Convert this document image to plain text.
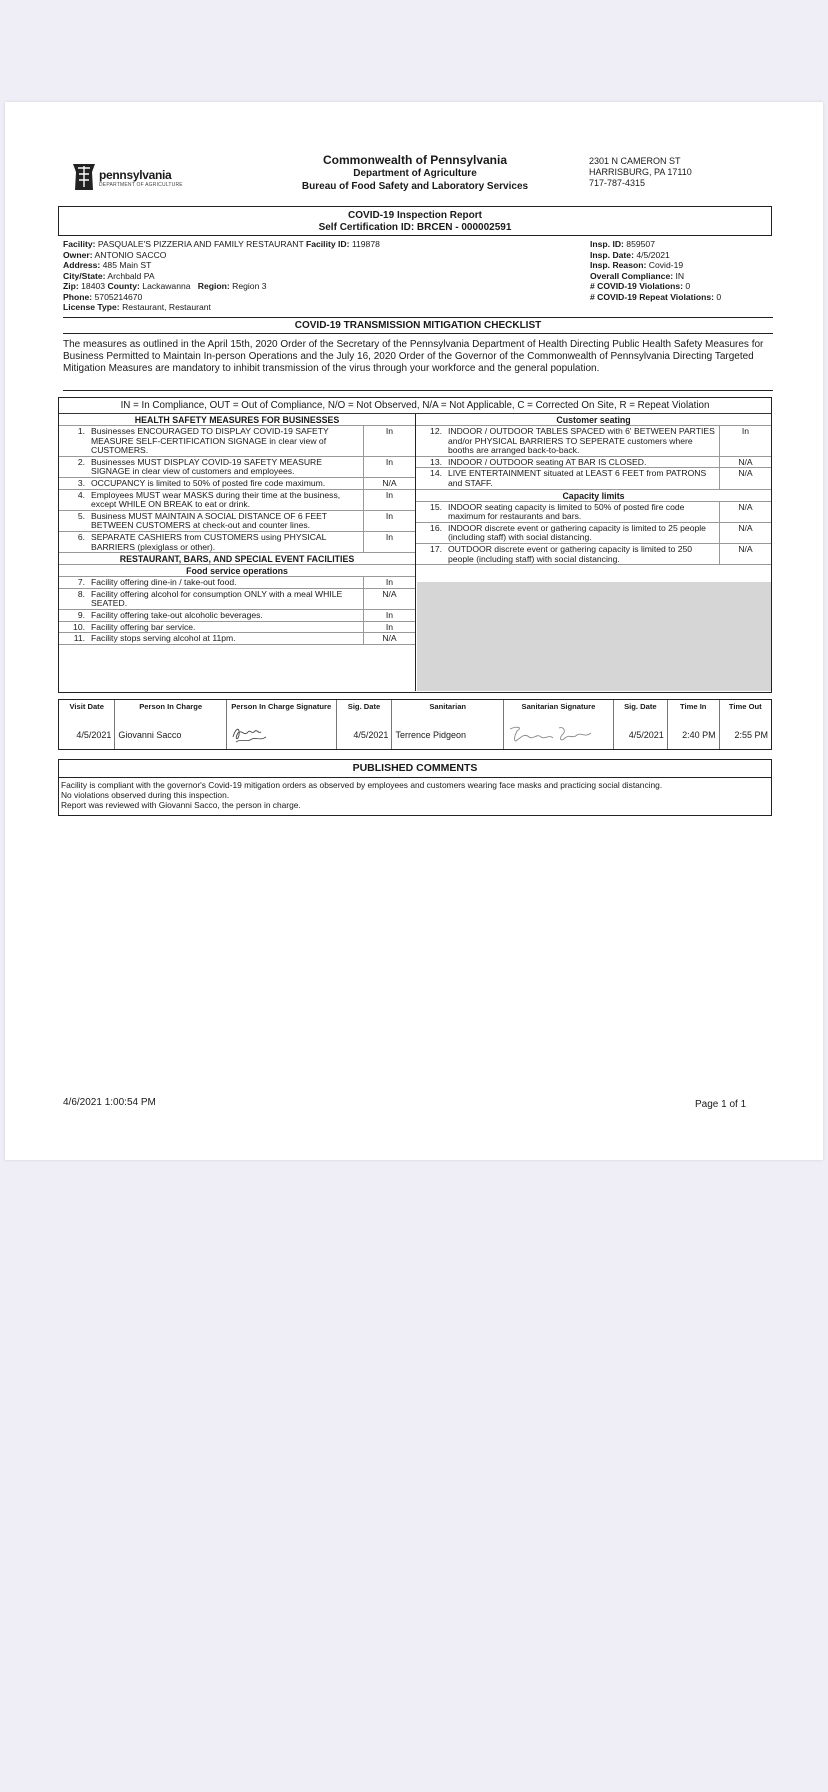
pennsylvania
DEPARTMENT OF AGRICULTURE
Commonwealth of Pennsylvania
Department of Agriculture
Bureau of Food Safety and Laboratory Services
2301 N CAMERON ST
HARRISBURG, PA 17110
717-787-4315
COVID-19 Inspection Report
Self Certification ID: BRCEN - 000002591
Facility: PASQUALE'S PIZZERIA AND FAMILY RESTAURANT Facility ID: 119878
Owner: ANTONIO SACCO
Address: 485 Main ST
City/State: Archbald PA
Zip: 18403 County: Lackawanna Region: Region 3
Phone: 5705214670
License Type: Restaurant, Restaurant
Insp. ID: 859507
Insp. Date: 4/5/2021
Insp. Reason: Covid-19
Overall Compliance: IN
# COVID-19 Violations: 0
# COVID-19 Repeat Violations: 0
COVID-19 TRANSMISSION MITIGATION CHECKLIST
The measures as outlined in the April 15th, 2020 Order of the Secretary of the Pennsylvania Department of Health Directing Public Health Safety Measures for Business Permitted to Maintain In-person Operations and the July 16, 2020 Order of the Governor of the Commonwealth of Pennsylvania Directing Targeted Mitigation Measures are mandatory to inhibit transmission of the virus through your workforce and the general population.
IN = In Compliance, OUT = Out of Compliance, N/O = Not Observed, N/A = Not Applicable, C = Corrected On Site, R = Repeat Violation
HEALTH SAFETY MEASURES FOR BUSINESSES
1. Businesses ENCOURAGED TO DISPLAY COVID-19 SAFETY MEASURE SELF-CERTIFICATION SIGNAGE in clear view of CUSTOMERS.
In
2. Businesses MUST DISPLAY COVID-19 SAFETY MEASURE SIGNAGE in clear view of customers and employees.
In
3. OCCUPANCY is limited to 50% of posted fire code maximum.	N/A
4. Employees MUST wear MASKS during their time at the business, except WHILE ON BREAK to eat or drink.
In
5. Business MUST MAINTAIN A SOCIAL DISTANCE OF 6 FEET BETWEEN CUSTOMERS at check-out and counter lines.
In
6. SEPARATE CASHIERS from CUSTOMERS using PHYSICAL BARRIERS (plexiglass or other).
In
RESTAURANT, BARS, AND SPECIAL EVENT FACILITIES
Food service operations
7. Facility offering dine-in / take-out food.	In
8. Facility offering alcohol for consumption ONLY with a meal WHILE SEATED.
N/A
9. Facility offering take-out alcoholic beverages.	In
10. Facility offering bar service.	In
11. Facility stops serving alcohol at 11pm.	N/A
Customer seating
12. INDOOR / OUTDOOR TABLES SPACED with 6' BETWEEN PARTIES and/or PHYSICAL BARRIERS TO SEPERATE customers where booths are arranged back-to-back.
In
13. INDOOR / OUTDOOR seating AT BAR IS CLOSED.	N/A
14. LIVE ENTERTAINMENT situated at LEAST 6 FEET from PATRONS and STAFF.
N/A
Capacity limits
15. INDOOR seating capacity is limited to 50% of posted fire code maximum for restaurants and bars.
N/A
16. INDOOR discrete event or gathering capacity is limited to 25 people (including staff) with social distancing.
N/A
17. OUTDOOR discrete event or gathering capacity is limited to 250 people (including staff) with social distancing.
N/A
Visit Date	Person In Charge	Person In Charge Signature	Sig. Date	Sanitarian	Sanitarian Signature	Sig. Date	Time In	Time Out
4/5/2021	Giovanni Sacco		4/5/2021	Terrence Pidgeon		4/5/2021	2:40 PM	2:55 PM
PUBLISHED COMMENTS
Facility is compliant with the governor's Covid-19 mitigation orders as observed by employees and customers wearing face masks and practicing social distancing.
No violations observed during this inspection.
Report was reviewed with Giovanni Sacco, the person in charge.
4/6/2021 1:00:54 PM	Page 1 of 1
